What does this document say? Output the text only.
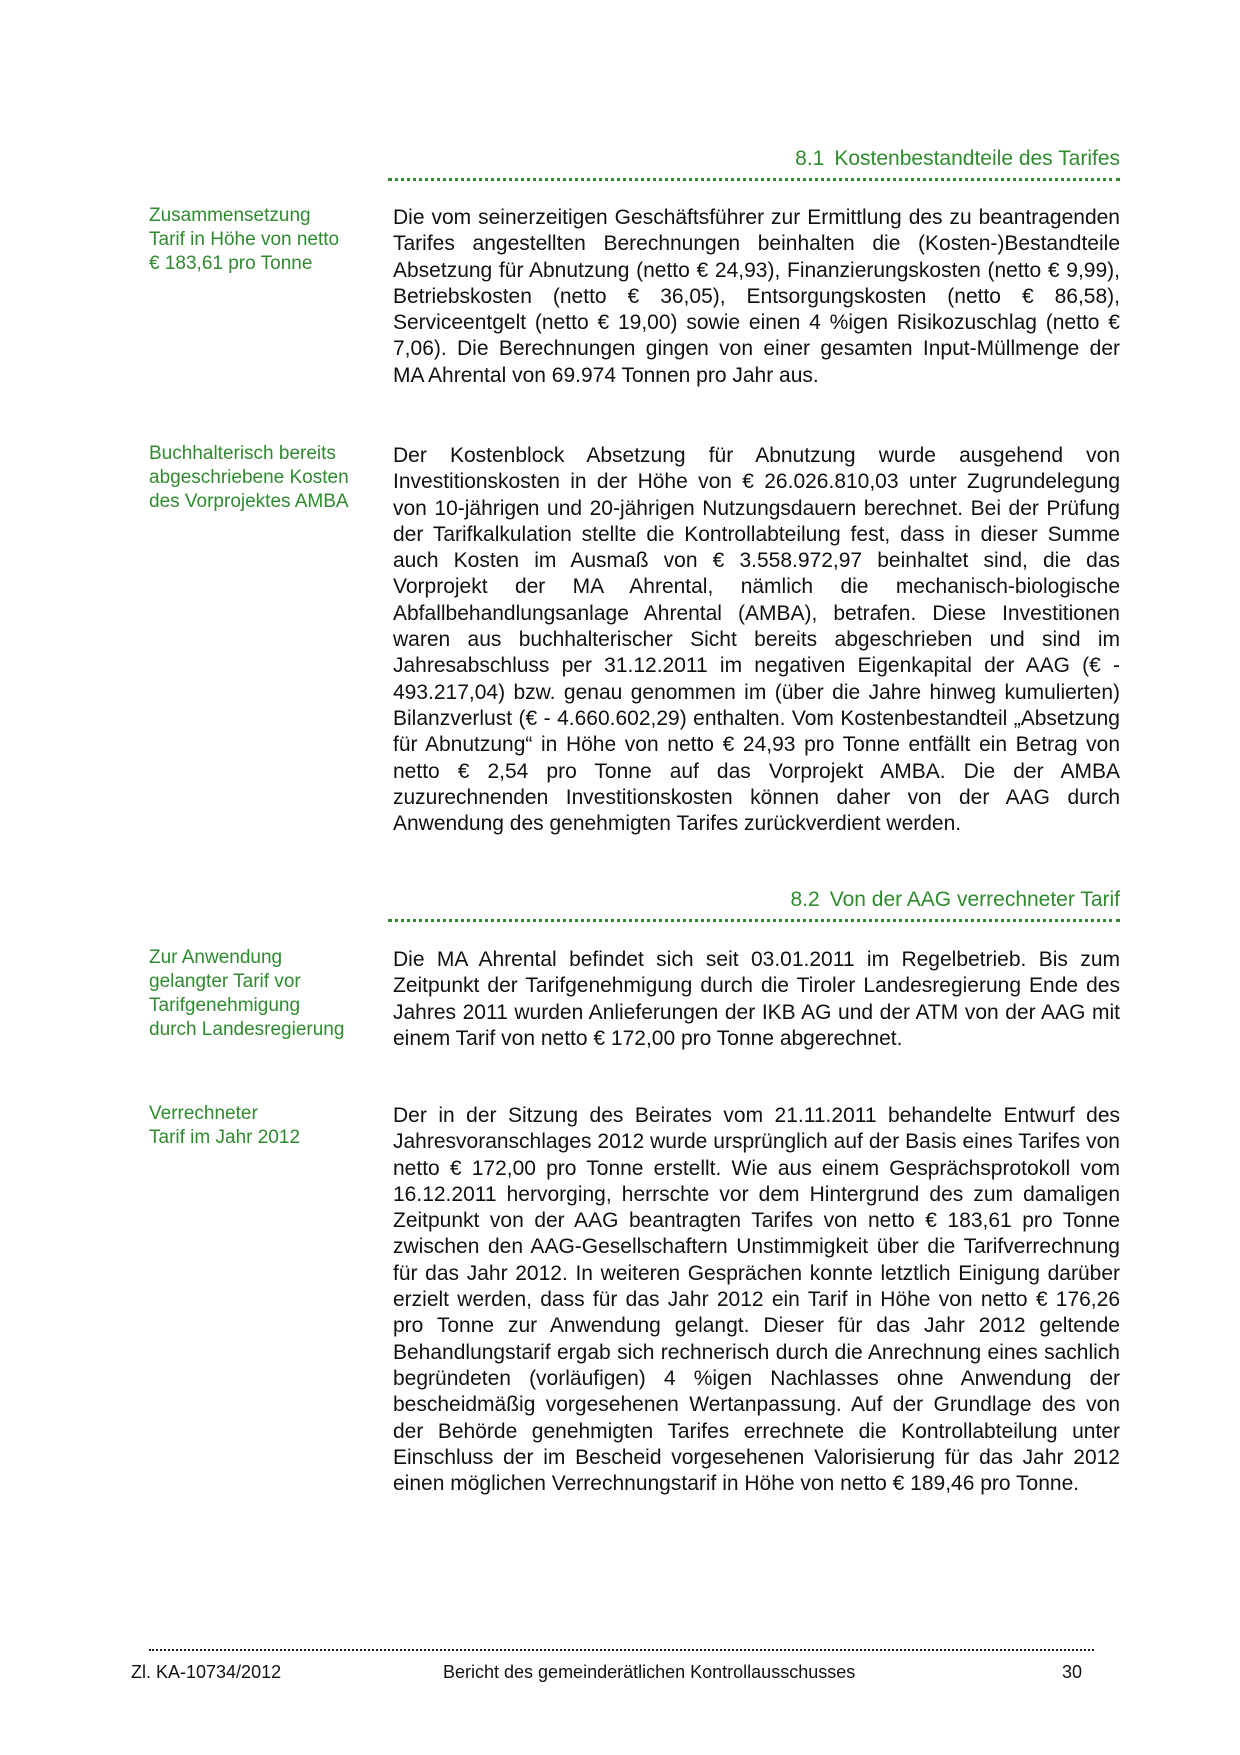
8.1 Kostenbestandteile des Tarifes
Zusammensetzung
Tarif in Höhe von netto
€ 183,61 pro Tonne

Die vom seinerzeitigen Geschäftsführer zur Ermittlung des zu beantragenden Tarifes angestellten Berechnungen beinhalten die (Kosten-)Bestandteile Absetzung für Abnutzung (netto € 24,93), Finanzierungskosten (netto € 9,99), Betriebskosten (netto € 36,05), Entsorgungskosten (netto € 86,58), Serviceentgelt (netto € 19,00) sowie einen 4 %igen Risikozuschlag (netto € 7,06). Die Berechnungen gingen von einer gesamten Input-Müllmenge der MA Ahrental von 69.974 Tonnen pro Jahr aus.

Buchhalterisch bereits
abgeschriebene Kosten
des Vorprojektes AMBA

Der Kostenblock Absetzung für Abnutzung wurde ausgehend von Investitionskosten in der Höhe von € 26.026.810,03 unter Zugrundelegung von 10-jährigen und 20-jährigen Nutzungsdauern berechnet. Bei der Prüfung der Tarifkalkulation stellte die Kontrollabteilung fest, dass in dieser Summe auch Kosten im Ausmaß von € 3.558.972,97 beinhaltet sind, die das Vorprojekt der MA Ahrental, nämlich die mechanisch-biologische Abfallbehandlungsanlage Ahrental (AMBA), betrafen. Diese Investitionen waren aus buchhalterischer Sicht bereits abgeschrieben und sind im Jahresabschluss per 31.12.2011 im negativen Eigenkapital der AAG (€ - 493.217,04) bzw. genau genommen im (über die Jahre hinweg kumulierten) Bilanzverlust (€ - 4.660.602,29) enthalten. Vom Kostenbestandteil „Absetzung für Abnutzung“ in Höhe von netto € 24,93 pro Tonne entfällt ein Betrag von netto € 2,54 pro Tonne auf das Vorprojekt AMBA. Die der AMBA zuzurechnenden Investitionskosten können daher von der AAG durch Anwendung des genehmigten Tarifes zurückverdient werden.

8.2 Von der AAG verrechneter Tarif
Zur Anwendung
gelangter Tarif vor
Tarifgenehmigung
durch Landesregierung

Die MA Ahrental befindet sich seit 03.01.2011 im Regelbetrieb. Bis zum Zeitpunkt der Tarifgenehmigung durch die Tiroler Landesregierung Ende des Jahres 2011 wurden Anlieferungen der IKB AG und der ATM von der AAG mit einem Tarif von netto € 172,00 pro Tonne abgerechnet.

Verrechneter
Tarif im Jahr 2012

Der in der Sitzung des Beirates vom 21.11.2011 behandelte Entwurf des Jahresvoranschlages 2012 wurde ursprünglich auf der Basis eines Tarifes von netto € 172,00 pro Tonne erstellt. Wie aus einem Gesprächsprotokoll vom 16.12.2011 hervorging, herrschte vor dem Hintergrund des zum damaligen Zeitpunkt von der AAG beantragten Tarifes von netto € 183,61 pro Tonne zwischen den AAG-Gesellschaftern Unstimmigkeit über die Tarifverrechnung für das Jahr 2012. In weiteren Gesprächen konnte letztlich Einigung darüber erzielt werden, dass für das Jahr 2012 ein Tarif in Höhe von netto € 176,26 pro Tonne zur Anwendung gelangt. Dieser für das Jahr 2012 geltende Behandlungstarif ergab sich rechnerisch durch die Anrechnung eines sachlich begründeten (vorläufigen) 4 %igen Nachlasses ohne Anwendung der bescheidmäßig vorgesehenen Wertanpassung. Auf der Grundlage des von der Behörde genehmigten Tarifes errechnete die Kontrollabteilung unter Einschluss der im Bescheid vorgesehenen Valorisierung für das Jahr 2012 einen möglichen Verrechnungstarif in Höhe von netto € 189,46 pro Tonne.

Zl. KA-10734/2012	Bericht des gemeinderätlichen Kontrollausschusses	30
